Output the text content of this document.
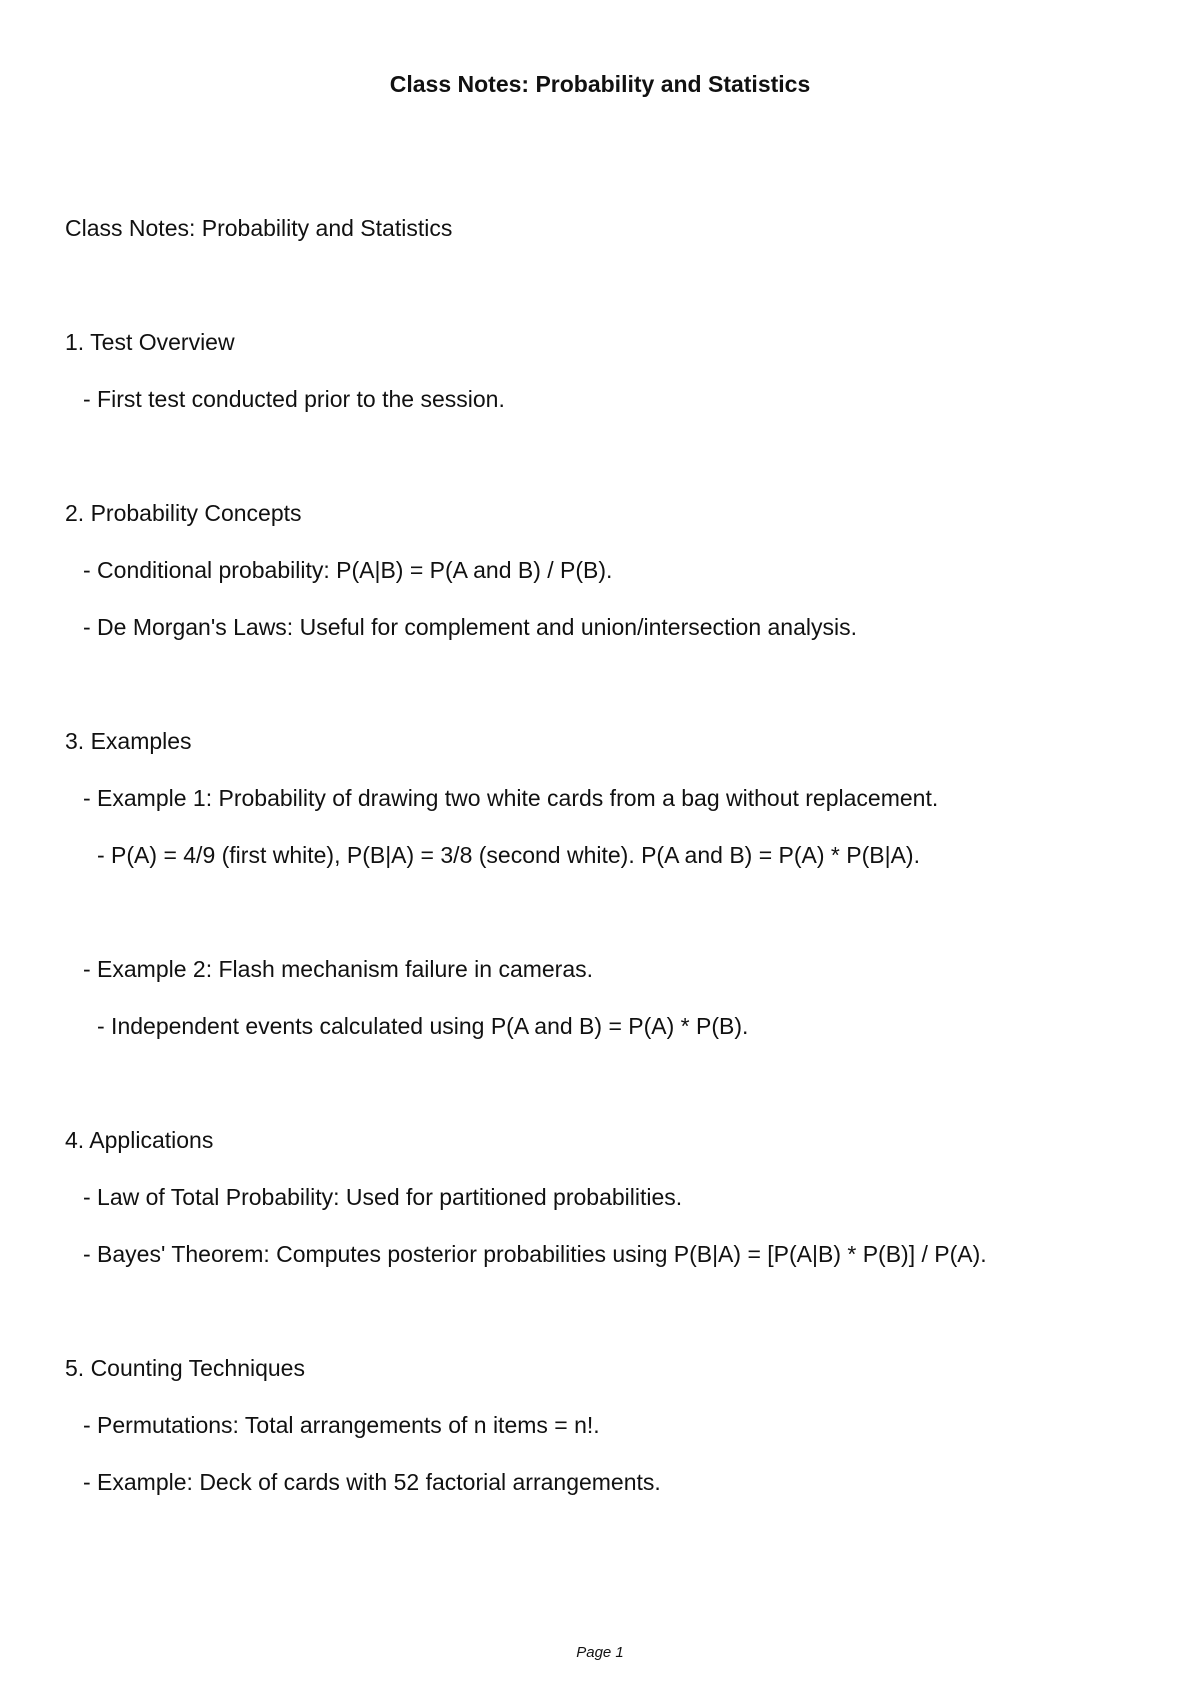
Class Notes: Probability and Statistics
Class Notes: Probability and Statistics
1. Test Overview
- First test conducted prior to the session.
2. Probability Concepts
- Conditional probability: P(A|B) = P(A and B) / P(B).
- De Morgan's Laws: Useful for complement and union/intersection analysis.
3. Examples
- Example 1: Probability of drawing two white cards from a bag without replacement.
- P(A) = 4/9 (first white), P(B|A) = 3/8 (second white). P(A and B) = P(A) * P(B|A).
- Example 2: Flash mechanism failure in cameras.
- Independent events calculated using P(A and B) = P(A) * P(B).
4. Applications
- Law of Total Probability: Used for partitioned probabilities.
- Bayes' Theorem: Computes posterior probabilities using P(B|A) = [P(A|B) * P(B)] / P(A).
5. Counting Techniques
- Permutations: Total arrangements of n items = n!.
- Example: Deck of cards with 52 factorial arrangements.
Page 1
